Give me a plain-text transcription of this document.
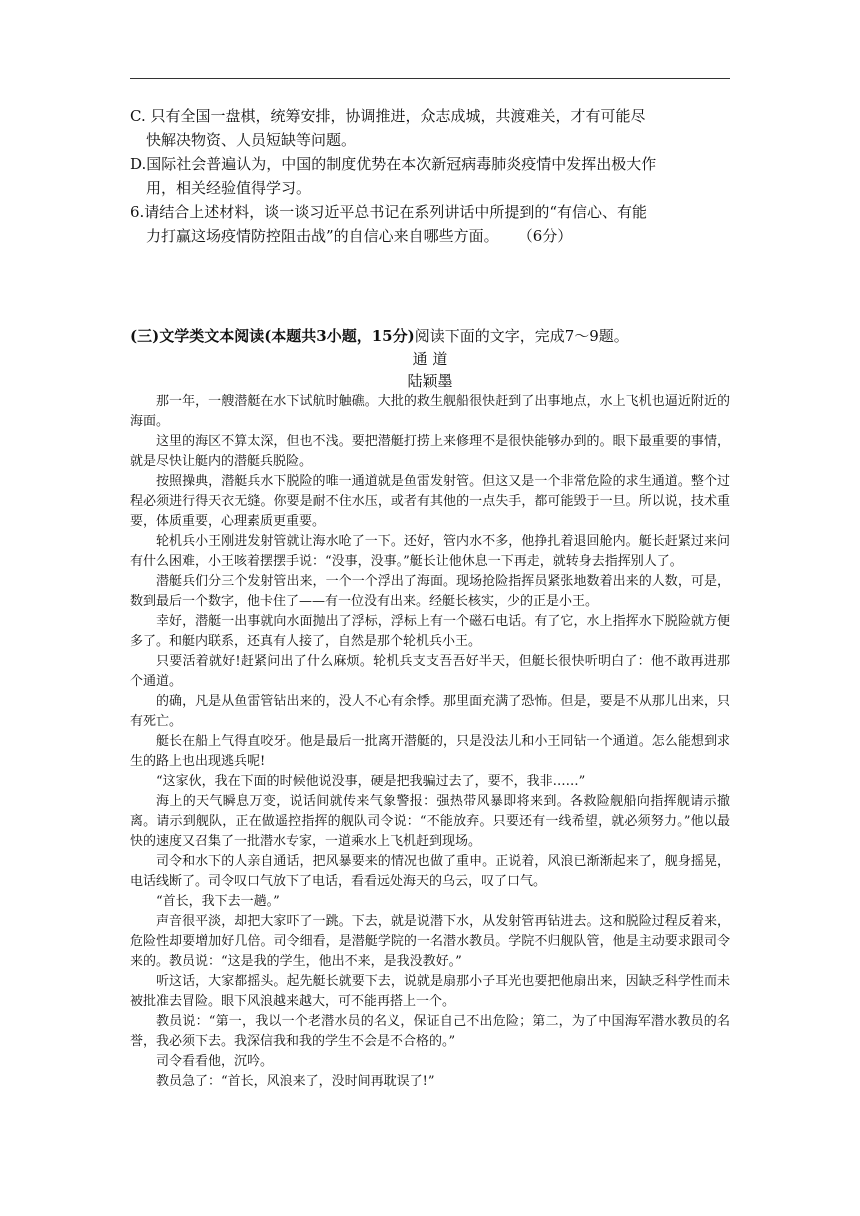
C. 只有全国一盘棋，统筹安排，协调推进，众志成城，共渡难关，才有可能尽
快解决物资、人员短缺等问题。

D.国际社会普遍认为，中国的制度优势在本次新冠病毒肺炎疫情中发挥出极大作
用，相关经验值得学习。

6.请结合上述材料，谈一谈习近平总书记在系列讲话中所提到的“有信心、有能
力打赢这场疫情防控阻击战”的自信心来自哪些方面。    （6分）

(三)文学类文本阅读(本题共3小题，15分)阅读下面的文字，完成7～9题。

通 道

陆颖墨

那一年，一艘潜艇在水下试航时触礁。大批的救生舰船很快赶到了出事地点，水上飞机也逼近附近的海面。

这里的海区不算太深，但也不浅。要把潜艇打捞上来修理不是很快能够办到的。眼下最重要的事情，就是尽快让艇内的潜艇兵脱险。

按照操典，潜艇兵水下脱险的唯一通道就是鱼雷发射管。但这又是一个非常危险的求生通道。整个过程必须进行得天衣无缝。你要是耐不住水压，或者有其他的一点失手，都可能毁于一旦。所以说，技术重要，体质重要，心理素质更重要。

轮机兵小王刚进发射管就让海水呛了一下。还好，管内水不多，他挣扎着退回舱内。艇长赶紧过来问有什么困难，小王咳着摆摆手说：“没事，没事。”艇长让他休息一下再走，就转身去指挥别人了。

潜艇兵们分三个发射管出来，一个一个浮出了海面。现场抢险指挥员紧张地数着出来的人数，可是，数到最后一个数字，他卡住了——有一位没有出来。经艇长核实，少的正是小王。

幸好，潜艇一出事就向水面抛出了浮标，浮标上有一个磁石电话。有了它，水上指挥水下脱险就方便多了。和艇内联系，还真有人接了，自然是那个轮机兵小王。

只要活着就好!赶紧问出了什么麻烦。轮机兵支支吾吾好半天，但艇长很快听明白了：他不敢再进那个通道。

的确，凡是从鱼雷管钻出来的，没人不心有余悸。那里面充满了恐怖。但是，要是不从那儿出来，只有死亡。

艇长在船上气得直咬牙。他是最后一批离开潜艇的，只是没法儿和小王同钻一个通道。怎么能想到求生的路上也出现逃兵呢!

“这家伙，我在下面的时候他说没事，硬是把我骗过去了，要不，我非……”

海上的天气瞬息万变，说话间就传来气象警报：强热带风暴即将来到。各救险舰船向指挥舰请示撤离。请示到舰队，正在做遥控指挥的舰队司令说：“不能放弃。只要还有一线希望，就必须努力。”他以最快的速度又召集了一批潜水专家，一道乘水上飞机赶到现场。

司令和水下的人亲自通话，把风暴要来的情况也做了重申。正说着，风浪已渐渐起来了，舰身摇晃，电话线断了。司令叹口气放下了电话，看看远处海天的乌云，叹了口气。

“首长，我下去一趟。”

声音很平淡，却把大家吓了一跳。下去，就是说潜下水，从发射管再钻进去。这和脱险过程反着来，危险性却要增加好几倍。司令细看，是潜艇学院的一名潜水教员。学院不归舰队管，他是主动要求跟司令来的。教员说：“这是我的学生，他出不来，是我没教好。”

听这话，大家都摇头。起先艇长就要下去，说就是扇那小子耳光也要把他扇出来，因缺乏科学性而未被批准去冒险。眼下风浪越来越大，可不能再搭上一个。

教员说：“第一，我以一个老潜水员的名义，保证自己不出危险；第二，为了中国海军潜水教员的名誉，我必须下去。我深信我和我的学生不会是不合格的。”

司令看看他，沉吟。

教员急了：“首长，风浪来了，没时间再耽误了!”
